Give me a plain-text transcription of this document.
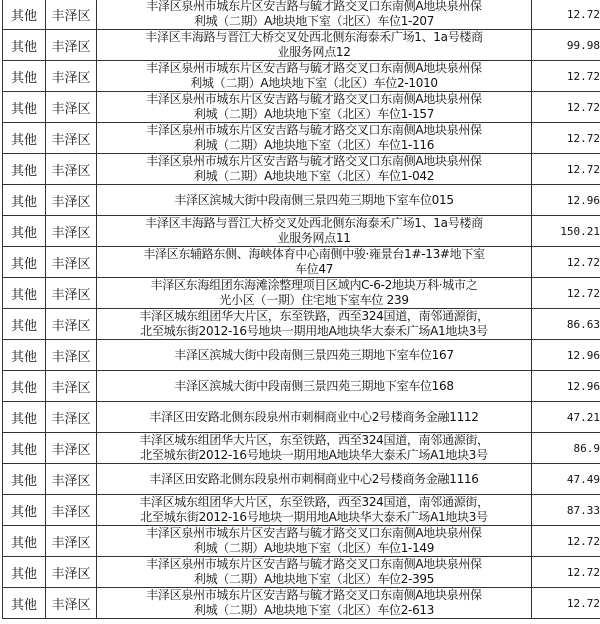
其他	丰泽区	丰泽区泉州市城东片区安吉路与毓才路交叉口东南侧A地块泉州保
利城（二期）A地块地下室（北区）车位1-207	12.72
其他	丰泽区	丰泽区丰海路与晋江大桥交叉处西北侧东海泰禾广场1、1a号楼商
业服务网点12	99.98
其他	丰泽区	丰泽区泉州市城东片区安吉路与毓才路交叉口东南侧A地块泉州保
利城（二期）A地块地下室（北区）车位2-1010	12.72
其他	丰泽区	丰泽区泉州市城东片区安吉路与毓才路交叉口东南侧A地块泉州保
利城（二期）A地块地下室（北区）车位1-157	12.72
其他	丰泽区	丰泽区泉州市城东片区安吉路与毓才路交叉口东南侧A地块泉州保
利城（二期）A地块地下室（北区）车位1-116	12.72
其他	丰泽区	丰泽区泉州市城东片区安吉路与毓才路交叉口东南侧A地块泉州保
利城（二期）A地块地下室（北区）车位1-042	12.72
其他	丰泽区	丰泽区滨城大街中段南侧三景四苑三期地下室车位015	12.96
其他	丰泽区	丰泽区丰海路与晋江大桥交叉处西北侧东海泰禾广场1、1a号楼商
业服务网点11	150.21
其他	丰泽区	丰泽区东辅路东侧、海峡体育中心南侧中骏·雍景台1#-13#地下室
车位47	12.72
其他	丰泽区	丰泽区东海组团东海滩涂整理项目区域内C-6-2地块万科·城市之
光小区（一期）住宅地下室车位 239	12.72
其他	丰泽区	丰泽区城东组团华大片区，东至铁路，西至324国道，南邻通源街，
北至城东街2012-16号地块一期用地A地块华大泰禾广场A1地块3号	86.63
其他	丰泽区	丰泽区滨城大街中段南侧三景四苑三期地下室车位167	12.96
其他	丰泽区	丰泽区滨城大街中段南侧三景四苑三期地下室车位168	12.96
其他	丰泽区	丰泽区田安路北侧东段泉州市刺桐商业中心2号楼商务金融1112	47.21
其他	丰泽区	丰泽区城东组团华大片区，东至铁路，西至324国道，南邻通源街，
北至城东街2012-16号地块一期用地A地块华大泰禾广场A1地块3号	86.9
其他	丰泽区	丰泽区田安路北侧东段泉州市刺桐商业中心2号楼商务金融1116	47.49
其他	丰泽区	丰泽区城东组团华大片区，东至铁路，西至324国道，南邻通源街，
北至城东街2012-16号地块一期用地A地块华大泰禾广场A1地块3号	87.33
其他	丰泽区	丰泽区泉州市城东片区安吉路与毓才路交叉口东南侧A地块泉州保
利城（二期）A地块地下室（北区）车位1-149	12.72
其他	丰泽区	丰泽区泉州市城东片区安吉路与毓才路交叉口东南侧A地块泉州保
利城（二期）A地块地下室（北区）车位2-395	12.72
其他	丰泽区	丰泽区泉州市城东片区安吉路与毓才路交叉口东南侧A地块泉州保
利城（二期）A地块地下室（北区）车位2-613	12.72
